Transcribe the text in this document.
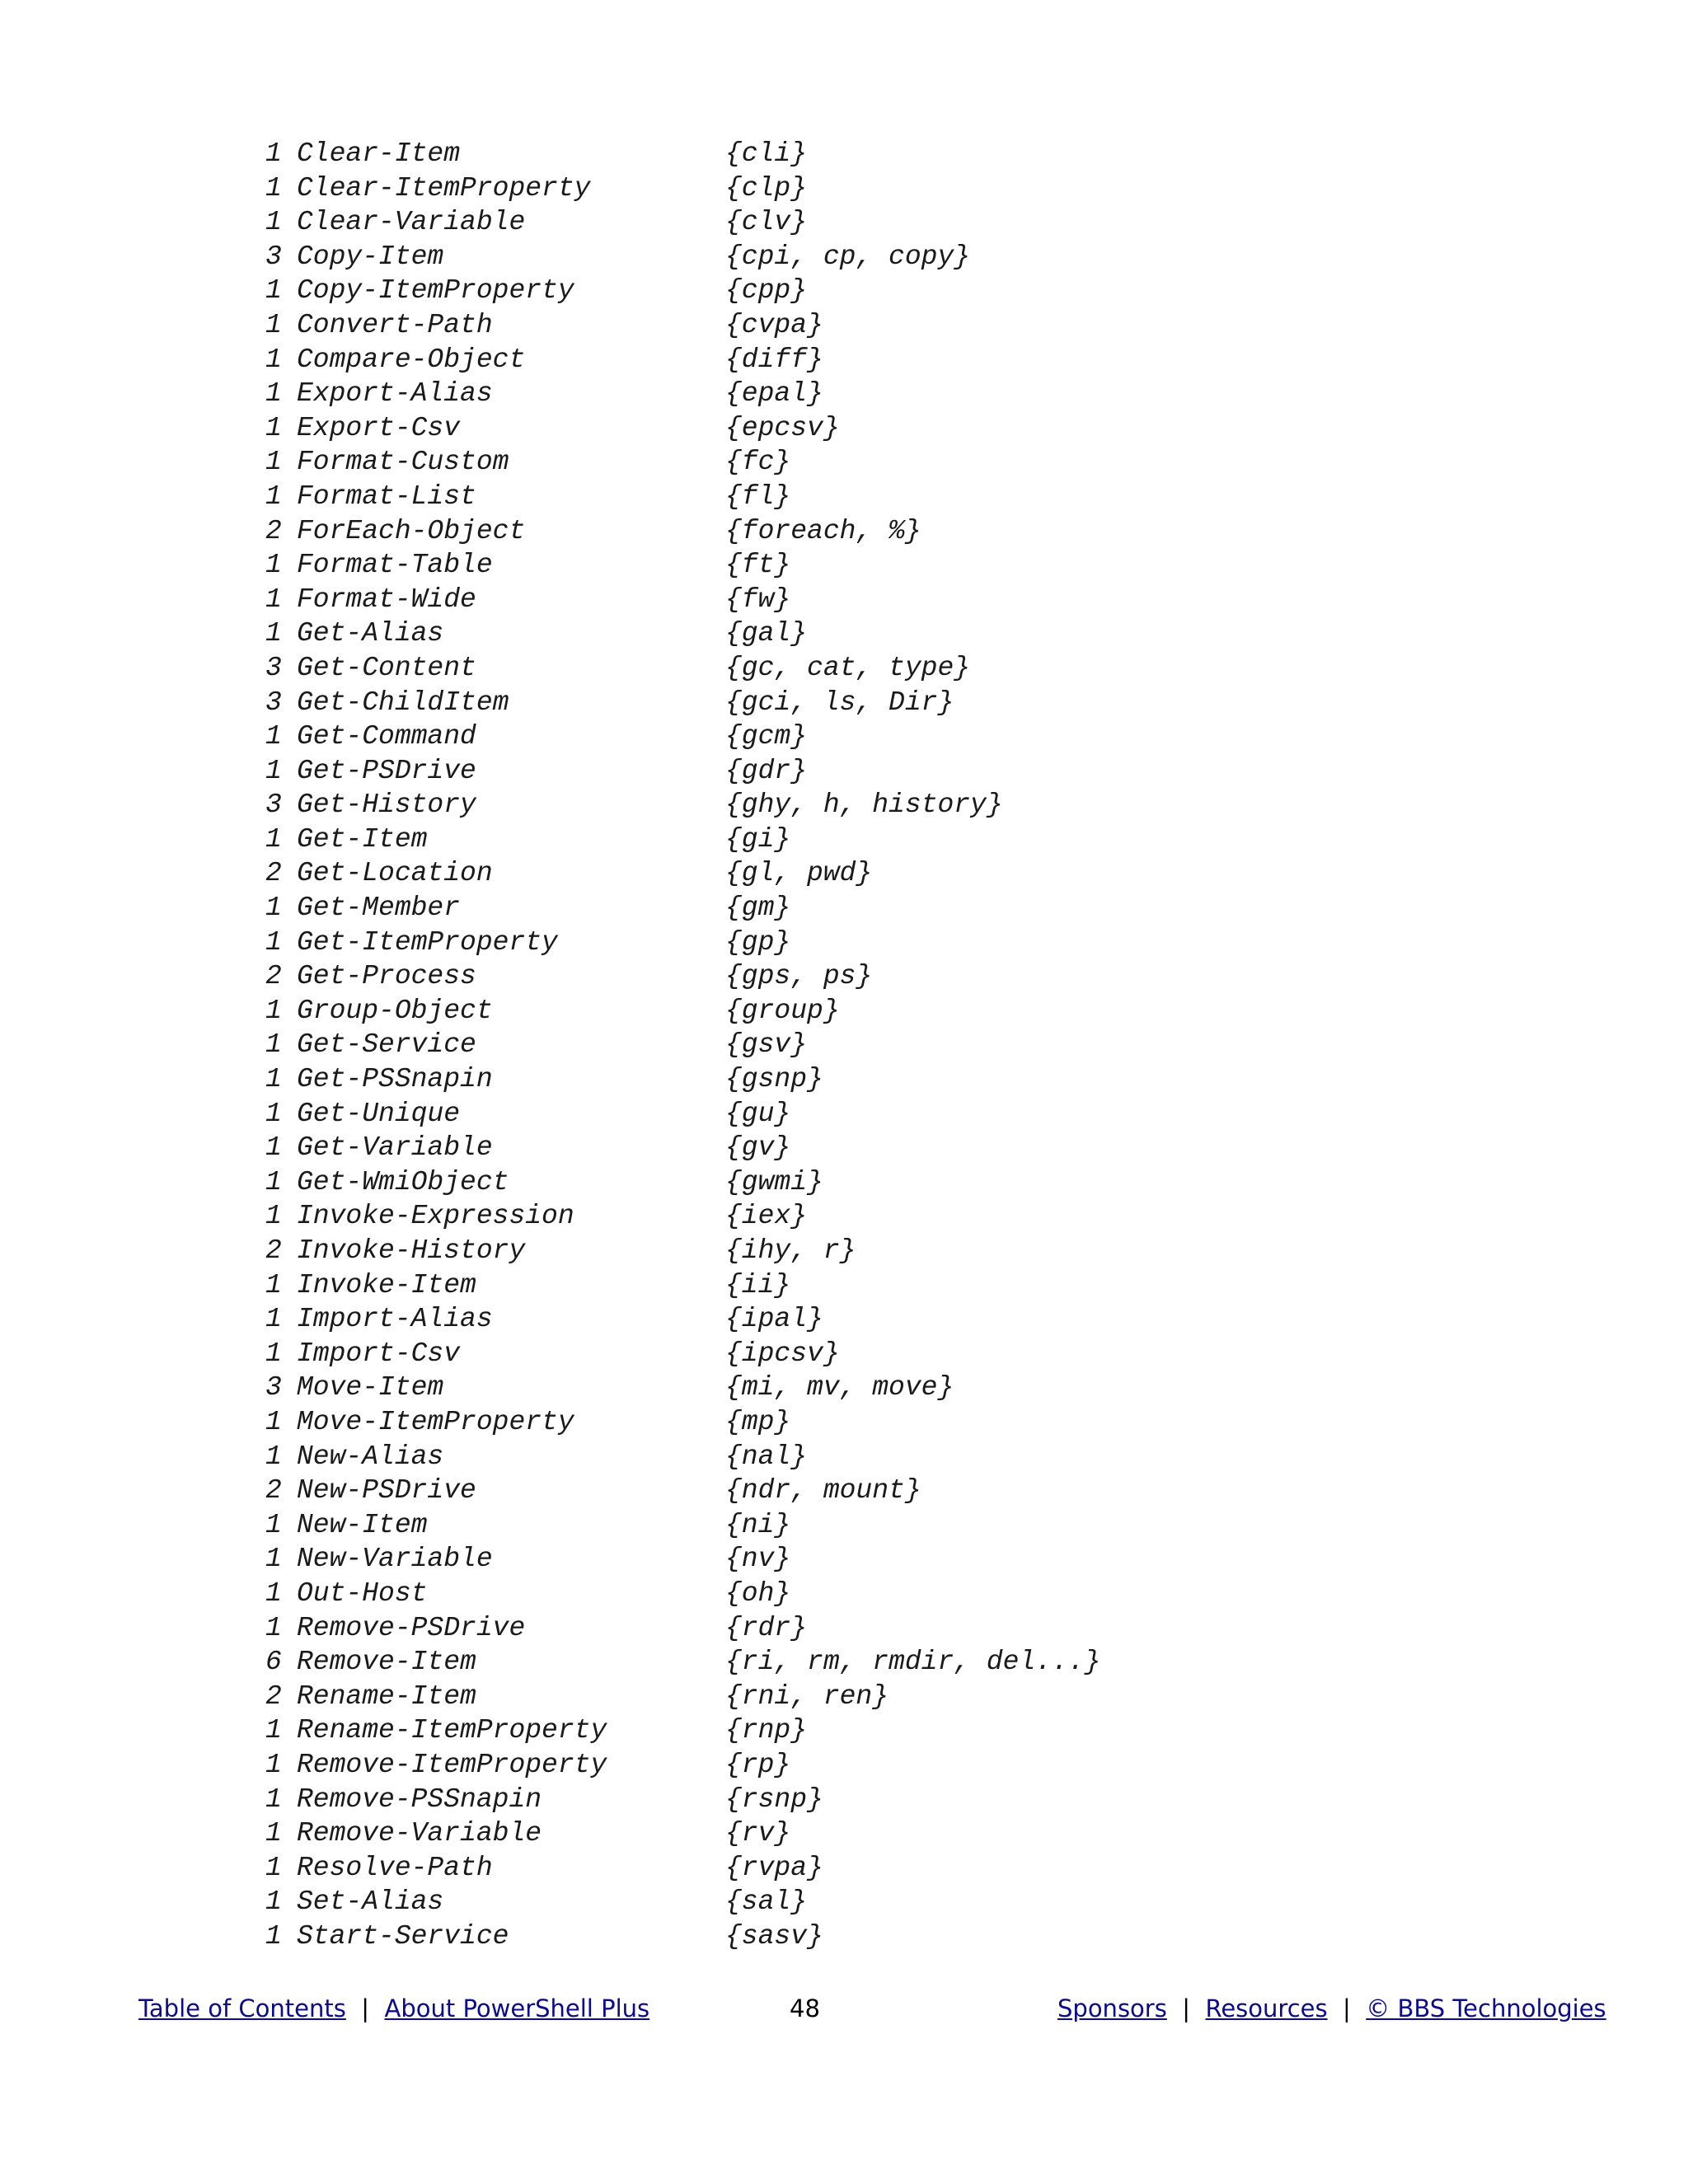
1 Clear-Item	{cli}
1 Clear-ItemProperty	{clp}
1 Clear-Variable	{clv}
3 Copy-Item	{cpi, cp, copy}
1 Copy-ItemProperty	{cpp}
1 Convert-Path	{cvpa}
1 Compare-Object	{diff}
1 Export-Alias	{epal}
1 Export-Csv	{epcsv}
1 Format-Custom	{fc}
1 Format-List	{fl}
2 ForEach-Object	{foreach, %}
1 Format-Table	{ft}
1 Format-Wide	{fw}
1 Get-Alias	{gal}
3 Get-Content	{gc, cat, type}
3 Get-ChildItem	{gci, ls, Dir}
1 Get-Command	{gcm}
1 Get-PSDrive	{gdr}
3 Get-History	{ghy, h, history}
1 Get-Item	{gi}
2 Get-Location	{gl, pwd}
1 Get-Member	{gm}
1 Get-ItemProperty	{gp}
2 Get-Process	{gps, ps}
1 Group-Object	{group}
1 Get-Service	{gsv}
1 Get-PSSnapin	{gsnp}
1 Get-Unique	{gu}
1 Get-Variable	{gv}
1 Get-WmiObject	{gwmi}
1 Invoke-Expression	{iex}
2 Invoke-History	{ihy, r}
1 Invoke-Item	{ii}
1 Import-Alias	{ipal}
1 Import-Csv	{ipcsv}
3 Move-Item	{mi, mv, move}
1 Move-ItemProperty	{mp}
1 New-Alias	{nal}
2 New-PSDrive	{ndr, mount}
1 New-Item	{ni}
1 New-Variable	{nv}
1 Out-Host	{oh}
1 Remove-PSDrive	{rdr}
6 Remove-Item	{ri, rm, rmdir, del...}
2 Rename-Item	{rni, ren}
1 Rename-ItemProperty	{rnp}
1 Remove-ItemProperty	{rp}
1 Remove-PSSnapin	{rsnp}
1 Remove-Variable	{rv}
1 Resolve-Path	{rvpa}
1 Set-Alias	{sal}
1 Start-Service	{sasv}
Table of Contents  |  About PowerShell Plus	48	Sponsors  |  Resources  |  © BBS Technologies
